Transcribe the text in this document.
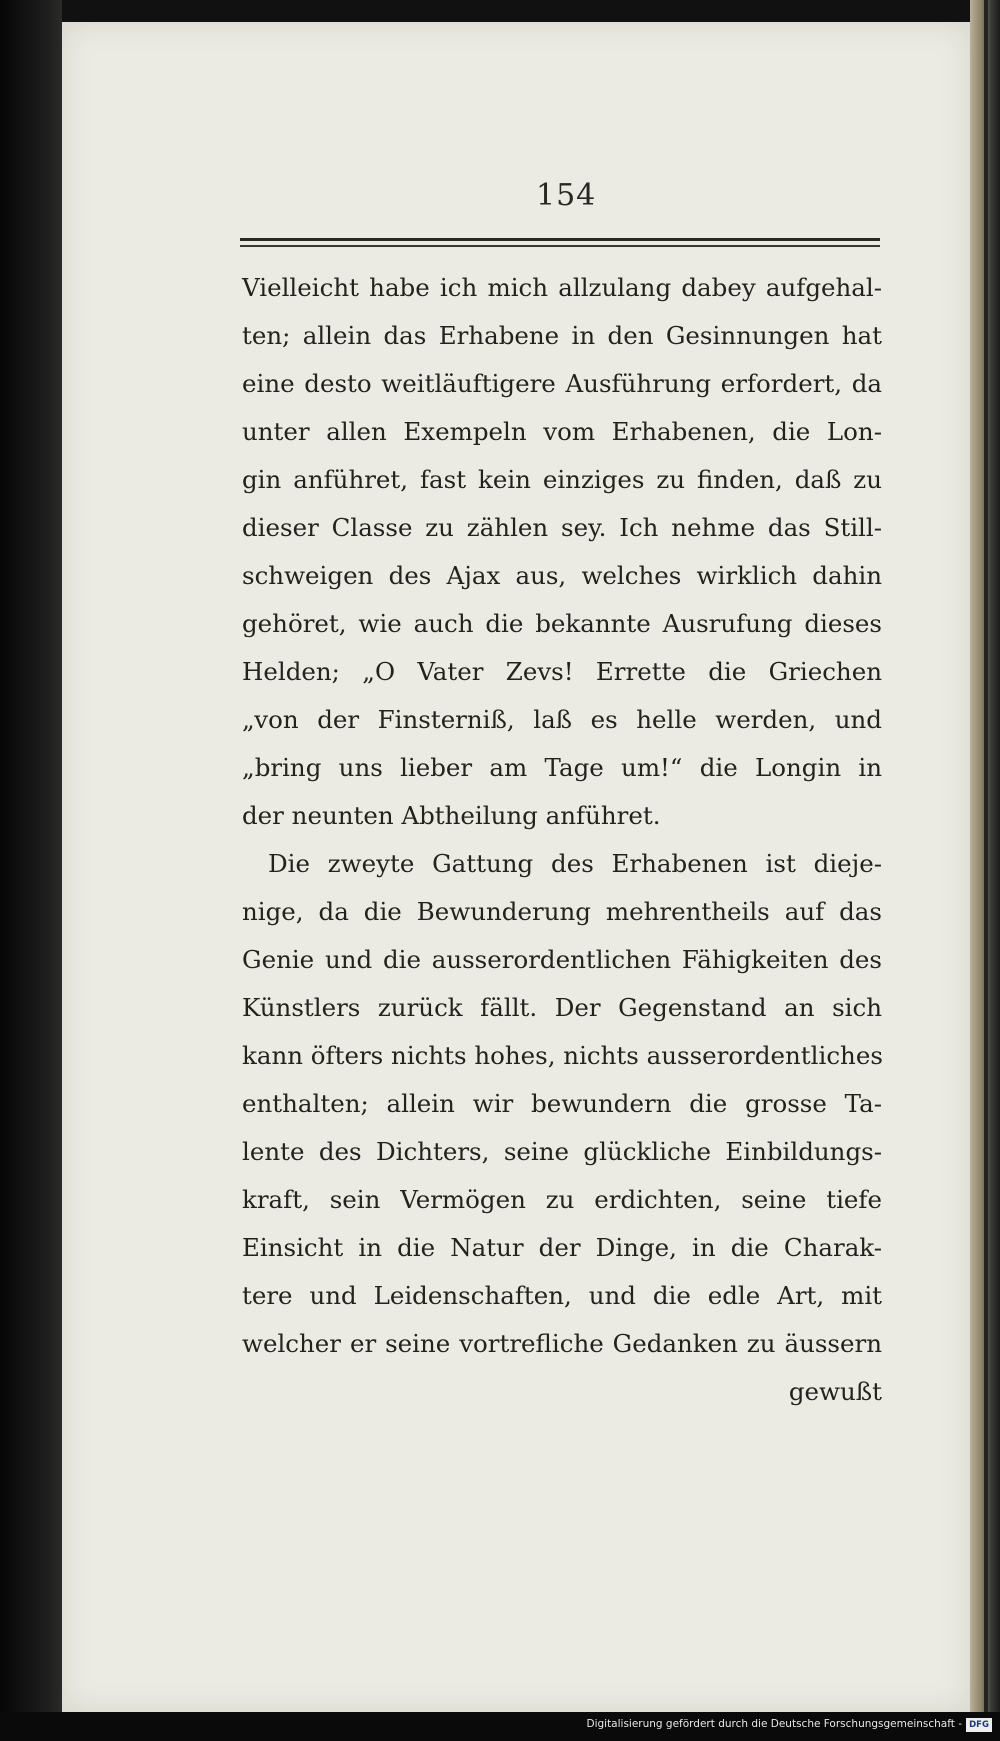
154
Vielleicht habe ich mich allzulang dabey aufgehal-
ten; allein das Erhabene in den Gesinnungen hat
eine desto weitläuftigere Ausführung erfordert, da
unter allen Exempeln vom Erhabenen, die Lon-
gin anführet, fast kein einziges zu finden, daß zu
dieser Classe zu zählen sey. Ich nehme das Still-
schweigen des Ajax aus, welches wirklich dahin
gehöret, wie auch die bekannte Ausrufung dieses
Helden; „O Vater Zevs! Errette die Griechen
„von der Finsterniß, laß es helle werden, und
„bring uns lieber am Tage um!“ die Longin in
der neunten Abtheilung anführet.
Die zweyte Gattung des Erhabenen ist dieje-
nige, da die Bewunderung mehrentheils auf das
Genie und die ausserordentlichen Fähigkeiten des
Künstlers zurück fällt. Der Gegenstand an sich
kann öfters nichts hohes, nichts ausserordentliches
enthalten; allein wir bewundern die grosse Ta-
lente des Dichters, seine glückliche Einbildungs-
kraft, sein Vermögen zu erdichten, seine tiefe
Einsicht in die Natur der Dinge, in die Charak-
tere und Leidenschaften, und die edle Art, mit
welcher er seine vortrefliche Gedanken zu äussern
gewußt
Digitalisierung gefördert durch die Deutsche Forschungsgemeinschaft - DFG
